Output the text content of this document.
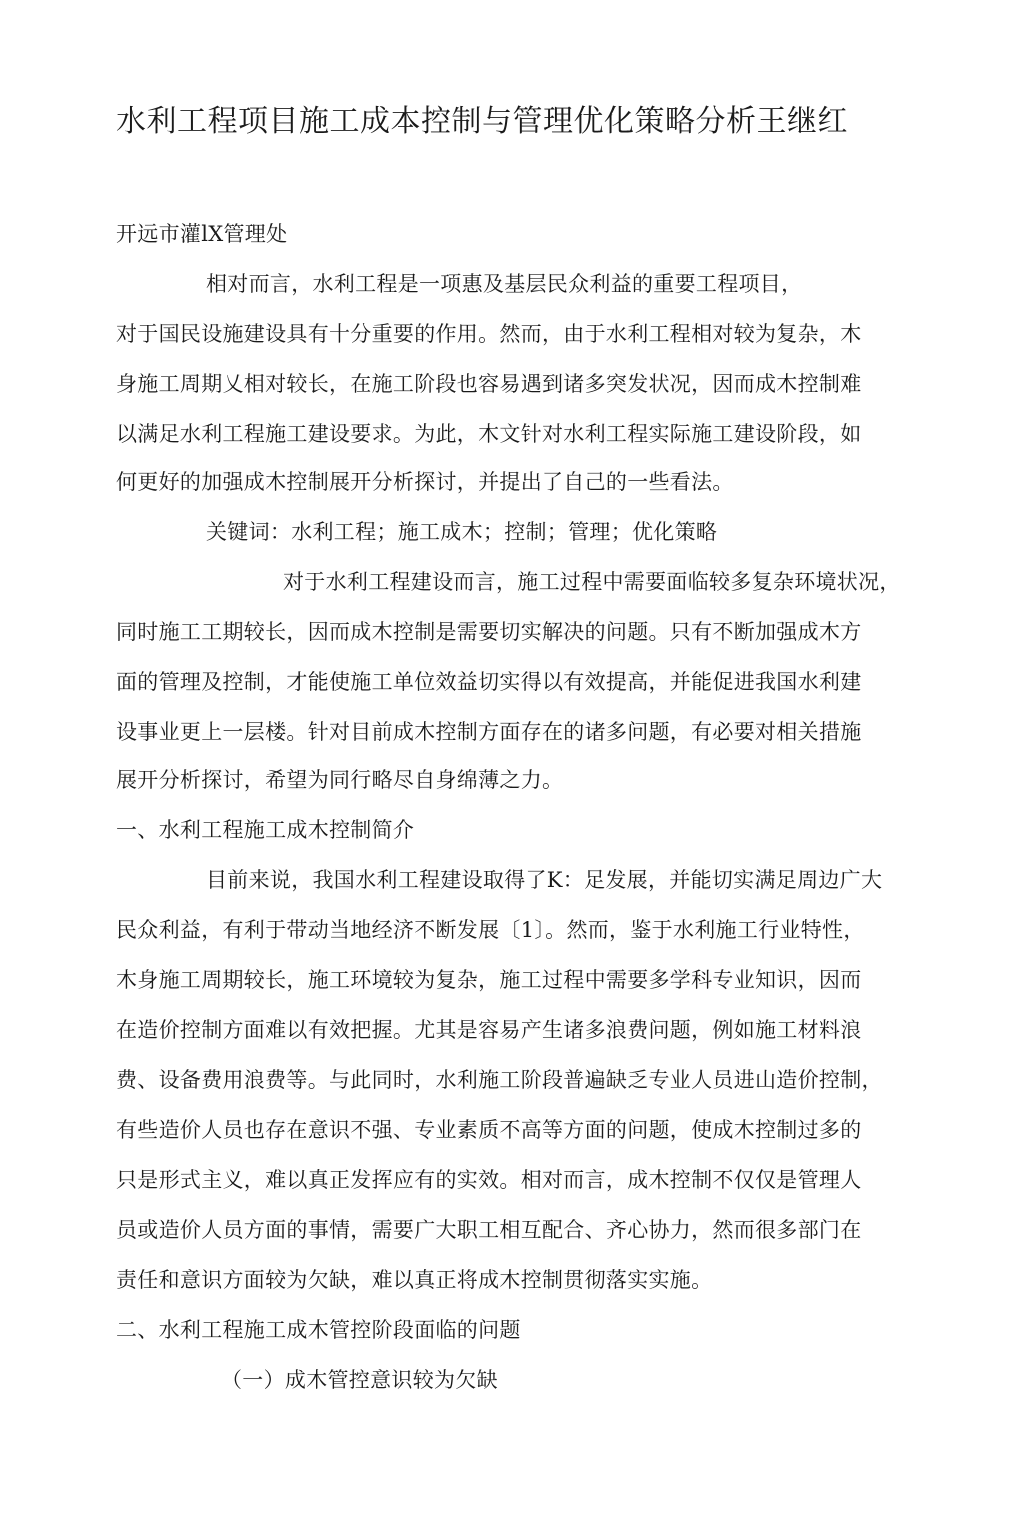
水利工程项目施工成本控制与管理优化策略分析王继红
开远市灌lX管理处
相对而言，水利工程是一项惠及基层民众利益的重要工程项目，
对于国民设施建设具有十分重要的作用。然而，由于水利工程相对较为复杂，木
身施工周期乂相对较长，在施工阶段也容易遇到诸多突发状况，因而成木控制难
以满足水利工程施工建设要求。为此，木文针对水利工程实际施工建设阶段，如
何更好的加强成木控制展开分析探讨，并提出了自己的一些看法。
关键词：水利工程；施工成木；控制；管理；优化策略
对于水利工程建设而言，施工过程中需要面临较多复杂环境状况，
同时施工工期较长，因而成木控制是需要切实解决的问题。只有不断加强成木方
面的管理及控制，才能使施工单位效益切实得以有效提高，并能促进我国水利建
设事业更上一层楼。针对目前成木控制方面存在的诸多问题，有必要对相关措施
展开分析探讨，希望为同行略尽自身绵薄之力。
一、水利工程施工成木控制简介
目前来说，我国水利工程建设取得了K：足发展，并能切实满足周边广大
民众利益，有利于带动当地经济不断发展〔1〕。然而，鉴于水利施工行业特性，
木身施工周期较长，施工环境较为复杂，施工过程中需要多学科专业知识，因而
在造价控制方面难以有效把握。尤其是容易产生诸多浪费问题，例如施工材料浪
费、设备费用浪费等。与此同时，水利施工阶段普遍缺乏专业人员进山造价控制，
有些造价人员也存在意识不强、专业素质不高等方面的问题，使成木控制过多的
只是形式主义，难以真正发挥应有的实效。相对而言，成木控制不仅仅是管理人
员或造价人员方面的事情，需要广大职工相互配合、齐心协力，然而很多部门在
责任和意识方面较为欠缺，难以真正将成木控制贯彻落实实施。
二、水利工程施工成木管控阶段面临的问题
（一）成木管控意识较为欠缺
